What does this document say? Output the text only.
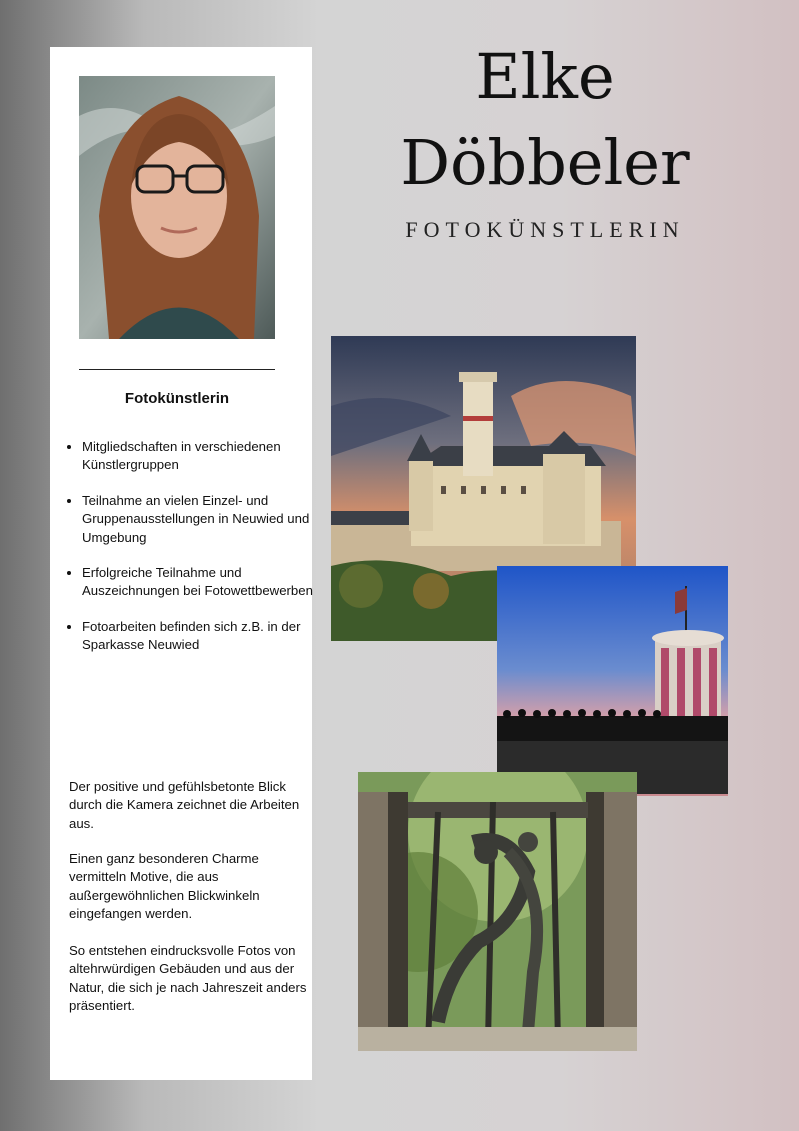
Fotokünstlerin
• Mitgliedschaften in verschiedenen Künstlergruppen
• Teilnahme an vielen Einzel- und Gruppenausstellungen in Neuwied und Umgebung
• Erfolgreiche Teilnahme und Auszeichnungen bei Fotowettbewerben
• Fotoarbeiten befinden sich z.B. in der Sparkasse Neuwied

Der positive und gefühlsbetonte Blick durch die Kamera zeichnet die Arbeiten aus.

Einen ganz besonderen Charme vermitteln Motive, die aus außergewöhnlichen Blickwinkeln eingefangen werden.

So entstehen eindrucksvolle Fotos von altehrwürdigen Gebäuden und aus der Natur, die sich je nach Jahreszeit anders präsentiert.

Elke
Döbbeler
FOTOKÜNSTLERIN
